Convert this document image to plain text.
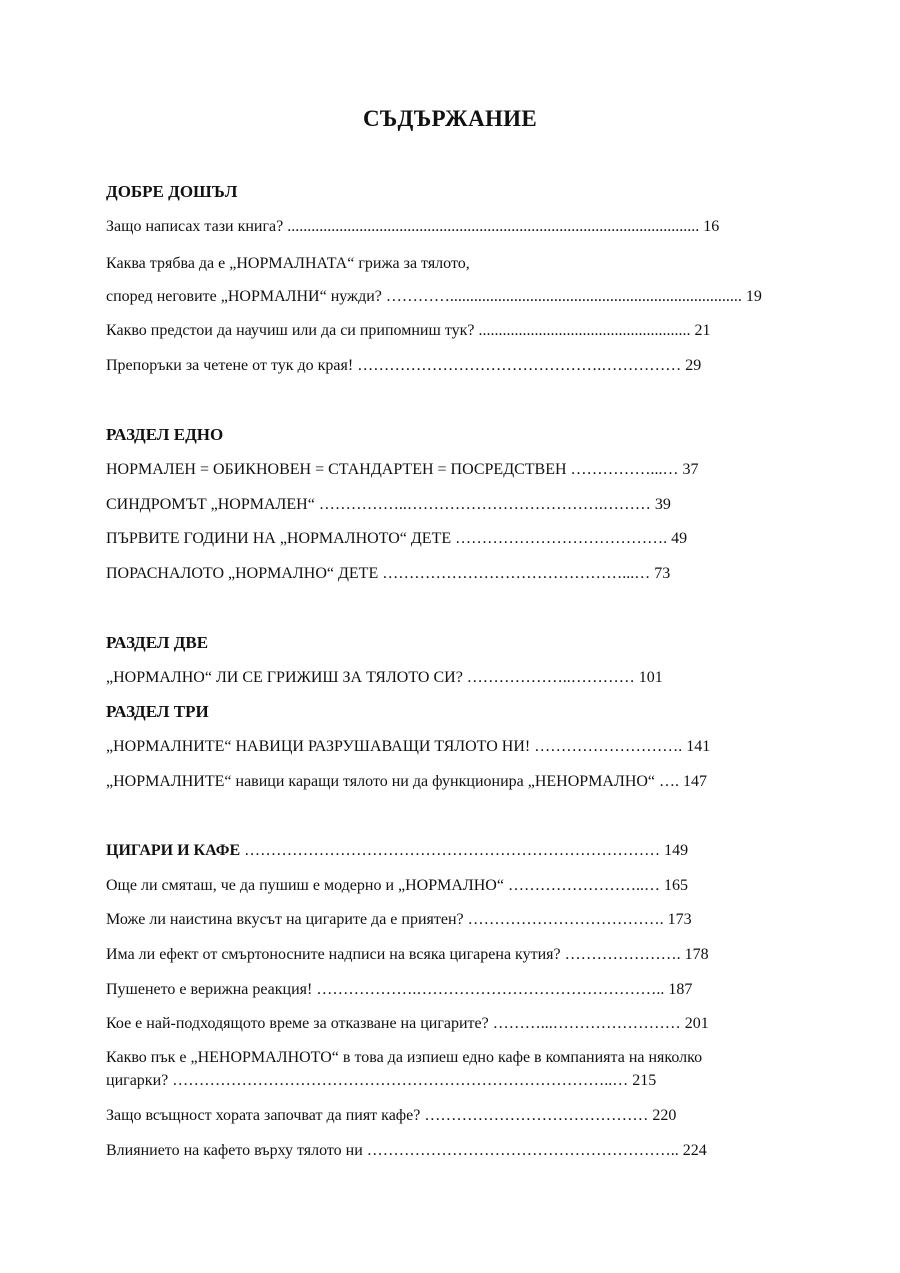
СЪДЪРЖАНИЕ
ДОБРЕ ДОШЪЛ
Защо написах тази книга? ....................................................................................................... 16
Каква трябва да е „НОРМАЛНАТА“ грижа за тялото,
според неговите „НОРМАЛНИ“ нужди? …………......................................................................... 19
Какво предстои да научиш или да си припомниш тук? ..................................................... 21
Препоръки за четене от тук до края! ……………………………………….…………… 29
РАЗДЕЛ ЕДНО
НОРМАЛЕН = ОБИКНОВЕН = СТАНДАРТЕН = ПОСРЕДСТВЕН ……………...… 37
СИНДРОМЪТ „НОРМАЛЕН“ ……………..……………………………….……… 39
ПЪРВИТЕ ГОДИНИ НА „НОРМАЛНОТО“ ДЕТЕ …………………………………. 49
ПОРАСНАЛОТО „НОРМАЛНО“ ДЕТЕ ………………………………………...… 73
РАЗДЕЛ ДВЕ
„НОРМАЛНО“ ЛИ СЕ ГРИЖИШ ЗА ТЯЛОТО СИ? ………………..………… 101
РАЗДЕЛ ТРИ
„НОРМАЛНИТЕ“ НАВИЦИ РАЗРУШАВАЩИ ТЯЛОТО НИ! ………………………. 141
„НОРМАЛНИТЕ“ навици каращи тялото ни да функционира „НЕНОРМАЛНО“ …. 147
ЦИГАРИ И КАФЕ …………………………………………………………………… 149
Още ли смяташ, че да пушиш е модерно и „НОРМАЛНО“ ……………………..… 165
Може ли наистина вкусът на цигарите да е приятен? ………………………………. 173
Има ли ефект от смъртоносните надписи на всяка цигарена кутия? …………………. 178
Пушенето е верижна реакция! ……………….……………………………………….. 187
Кое е най-подходящото време за отказване на цигарите? ………...…………………… 201
Какво пък е „НЕНОРМАЛНОТО“ в това да изпиеш едно кафе в компанията на няколко
цигарки? ………………………………………………………………………..… 215
Защо всъщност хората започват да пият кафе? …………………………………… 220
Влиянието на кафето върху тялото ни ………………………………………………….. 224
